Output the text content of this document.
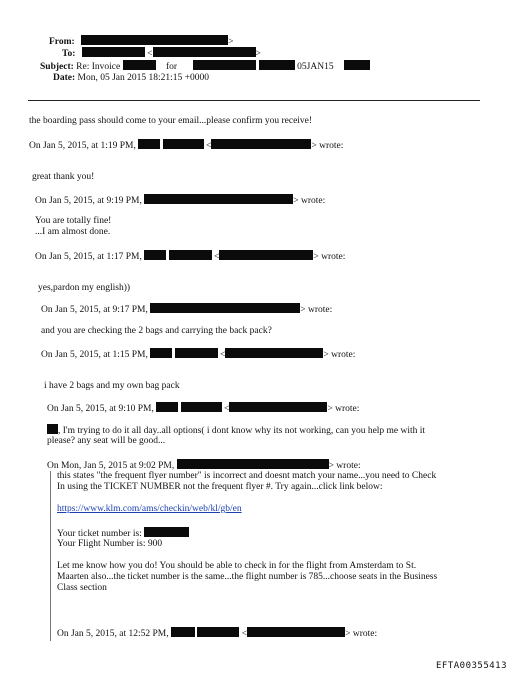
From:	>
To:	<	>
Subject: Re: Invoice	for	05JAN15
Date: Mon, 05 Jan 2015 18:21:15 +0000
the boarding pass should come to your email...please confirm you receive!
On Jan 5, 2015, at 1:19 PM,	<	> wrote:
great thank you!
On Jan 5, 2015, at 9:19 PM,	> wrote:
You are totally fine!
...I am almost done.
On Jan 5, 2015, at 1:17 PM,	<	> wrote:
yes,pardon my english))
On Jan 5, 2015, at 9:17 PM,	> wrote:
and you are checking the 2 bags and carrying the back pack?
On Jan 5, 2015, at 1:15 PM,	<	> wrote:
i have 2 bags and my own bag pack
On Jan 5, 2015, at 9:10 PM,	<	> wrote:
, I'm trying to do it all day..all options( i dont know why its not working, can you help me with it
please? any seat will be good...
On Mon, Jan 5, 2015 at 9:02 PM,	> wrote:
this states "the frequent flyer number" is incorrect and doesnt match your name...you need to Check
In using the TICKET NUMBER not the frequent flyer #. Try again...click link below:
https://www.klm.com/ams/checkin/web/kl/gb/en
Your ticket number is:
Your Flight Number is: 900
Let me know how you do! You should be able to check in for the flight from Amsterdam to St.
Maarten also...the ticket number is the same...the flight number is 785...choose seats in the Business
Class section
On Jan 5, 2015, at 12:52 PM,	<	> wrote:
EFTA00355413
